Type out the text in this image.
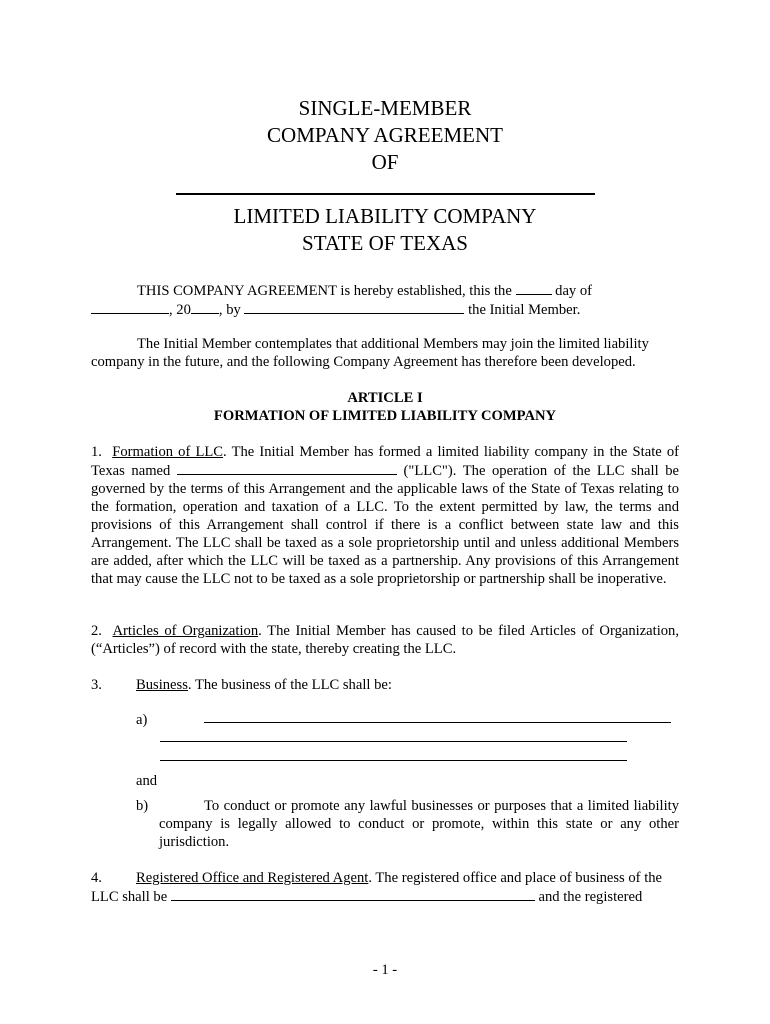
SINGLE-MEMBER
COMPANY AGREEMENT
OF
LIMITED LIABILITY COMPANY
STATE OF TEXAS

THIS COMPANY AGREEMENT is hereby established, this the	day of
, 20 , by	the Initial Member.

The Initial Member contemplates that additional Members may join the limited liability company in the future, and the following Company Agreement has therefore been developed.

ARTICLE I
FORMATION OF LIMITED LIABILITY COMPANY

1. Formation of LLC. The Initial Member has formed a limited liability company in the State of Texas named	("LLC"). The operation of the LLC shall be governed by the terms of this Arrangement and the applicable laws of the State of Texas relating to the formation, operation and taxation of a LLC. To the extent permitted by law, the terms and provisions of this Arrangement shall control if there is a conflict between state law and this Arrangement. The LLC shall be taxed as a sole proprietorship until and unless additional Members are added, after which the LLC will be taxed as a partnership. Any provisions of this Arrangement that may cause the LLC not to be taxed as a sole proprietorship or partnership shall be inoperative.

2. Articles of Organization. The Initial Member has caused to be filed Articles of Organization, (“Articles”) of record with the state, thereby creating the LLC.

3. Business. The business of the LLC shall be:
a)
and
b)	To conduct or promote any lawful businesses or purposes that a limited liability company is legally allowed to conduct or promote, within this state or any other jurisdiction.

4. Registered Office and Registered Agent. The registered office and place of business of the LLC shall be	and the registered

- 1 -
